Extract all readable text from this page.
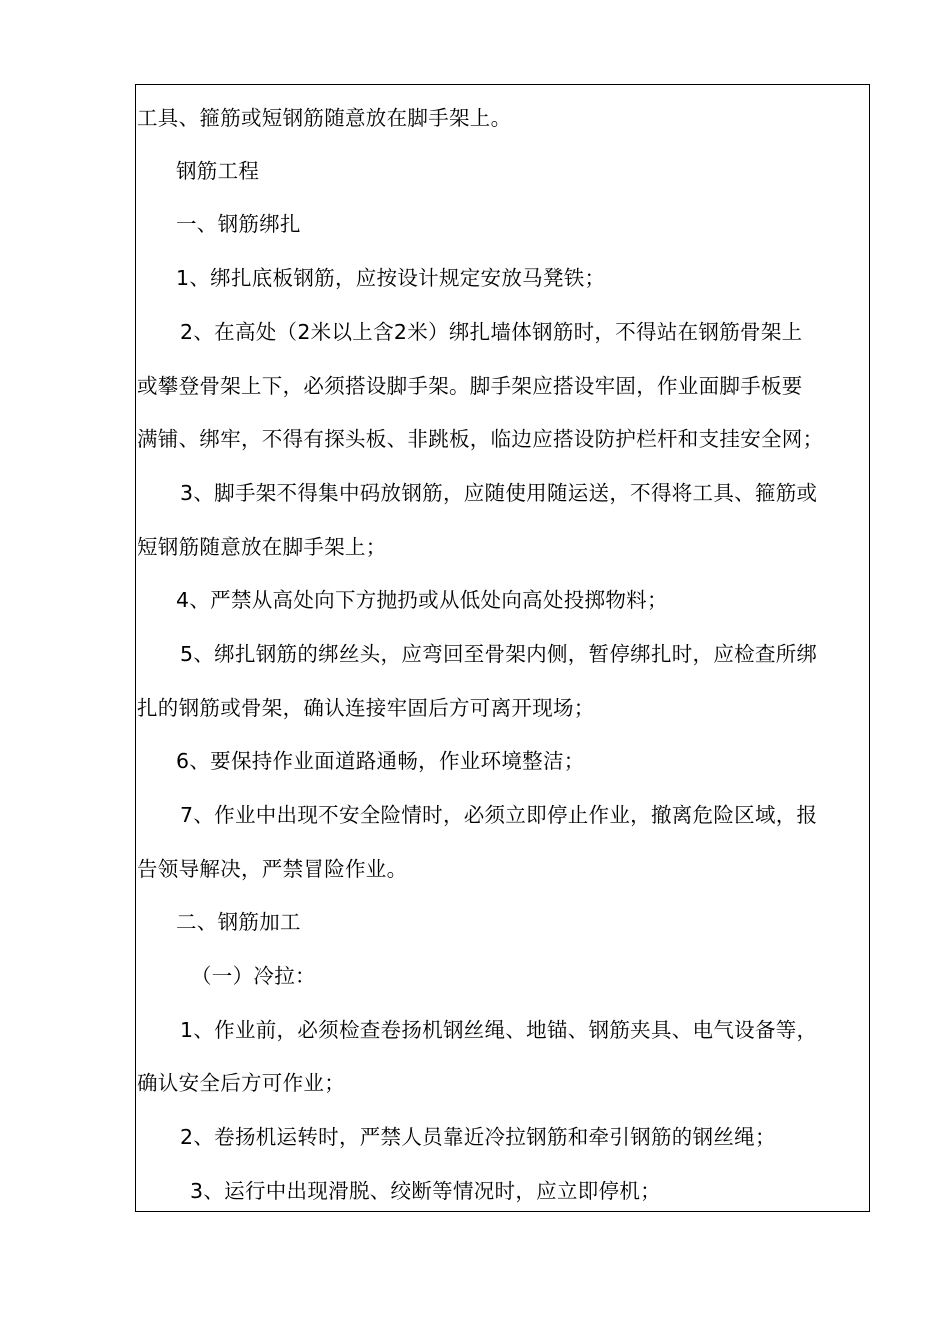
工具、箍筋或短钢筋随意放在脚手架上。
钢筋工程
一、钢筋绑扎
1、绑扎底板钢筋，应按设计规定安放马凳铁；
2、在高处（2米以上含2米）绑扎墙体钢筋时，不得站在钢筋骨架上
或攀登骨架上下，必须搭设脚手架。脚手架应搭设牢固，作业面脚手板要
满铺、绑牢，不得有探头板、非跳板，临边应搭设防护栏杆和支挂安全网；
3、脚手架不得集中码放钢筋，应随使用随运送，不得将工具、箍筋或
短钢筋随意放在脚手架上；
4、严禁从高处向下方抛扔或从低处向高处投掷物料；
5、绑扎钢筋的绑丝头，应弯回至骨架内侧，暂停绑扎时，应检查所绑
扎的钢筋或骨架，确认连接牢固后方可离开现场；
6、要保持作业面道路通畅，作业环境整洁；
7、作业中出现不安全险情时，必须立即停止作业，撤离危险区域，报
告领导解决，严禁冒险作业。
二、钢筋加工
（一）冷拉：
1、作业前，必须检查卷扬机钢丝绳、地锚、钢筋夹具、电气设备等，
确认安全后方可作业；
2、卷扬机运转时，严禁人员靠近冷拉钢筋和牵引钢筋的钢丝绳；
3、运行中出现滑脱、绞断等情况时，应立即停机；
